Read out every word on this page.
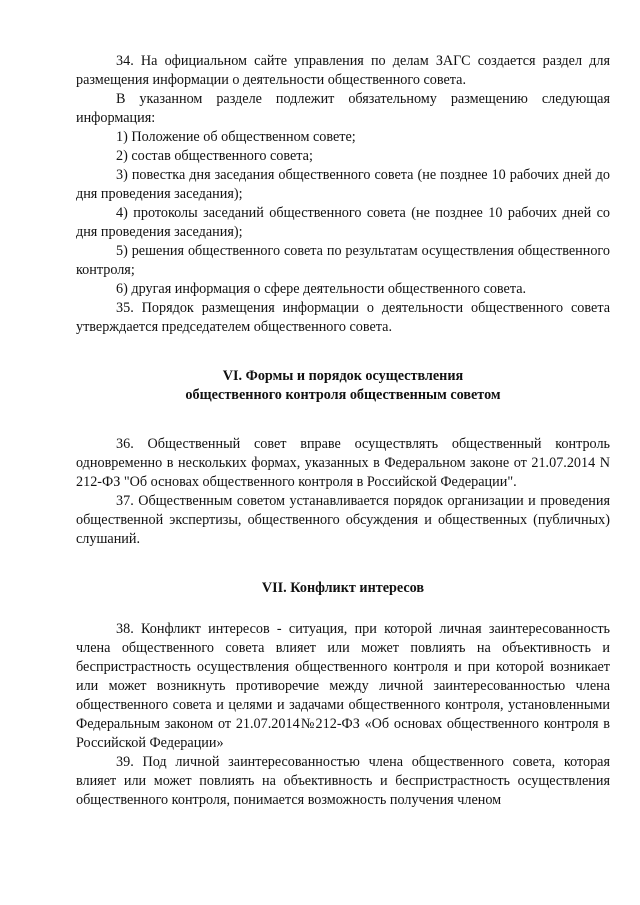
34. На официальном сайте управления по делам ЗАГС создается раздел для размещения информации о деятельности общественного совета.

В указанном разделе подлежит обязательному размещению следующая информация:

1) Положение об общественном совете;

2) состав общественного совета;

3) повестка дня заседания общественного совета (не позднее 10 рабочих дней до дня проведения заседания);

4) протоколы заседаний общественного совета (не позднее 10 рабочих дней со дня проведения заседания);

5) решения общественного совета по результатам осуществления общественного контроля;

6) другая информация о сфере деятельности общественного совета.

35. Порядок размещения информации о деятельности общественного совета утверждается председателем общественного совета.

VI. Формы и порядок осуществления
общественного контроля общественным советом

36. Общественный совет вправе осуществлять общественный контроль одновременно в нескольких формах, указанных в Федеральном законе от 21.07.2014 N 212-ФЗ "Об основах общественного контроля в Российской Федерации".

37. Общественным советом устанавливается порядок организации и проведения общественной экспертизы, общественного обсуждения и общественных (публичных) слушаний.

VII. Конфликт интересов

38. Конфликт интересов - ситуация, при которой личная заинтересованность члена общественного совета влияет или может повлиять на объективность и беспристрастность осуществления общественного контроля и при которой возникает или может возникнуть противоречие между личной заинтересованностью члена общественного совета и целями и задачами общественного контроля, установленными Федеральным законом от 21.07.2014№212-ФЗ «Об основах общественного контроля в Российской Федерации»

39. Под личной заинтересованностью члена общественного совета, которая влияет или может повлиять на объективность и беспристрастность осуществления общественного контроля, понимается возможность получения членом
